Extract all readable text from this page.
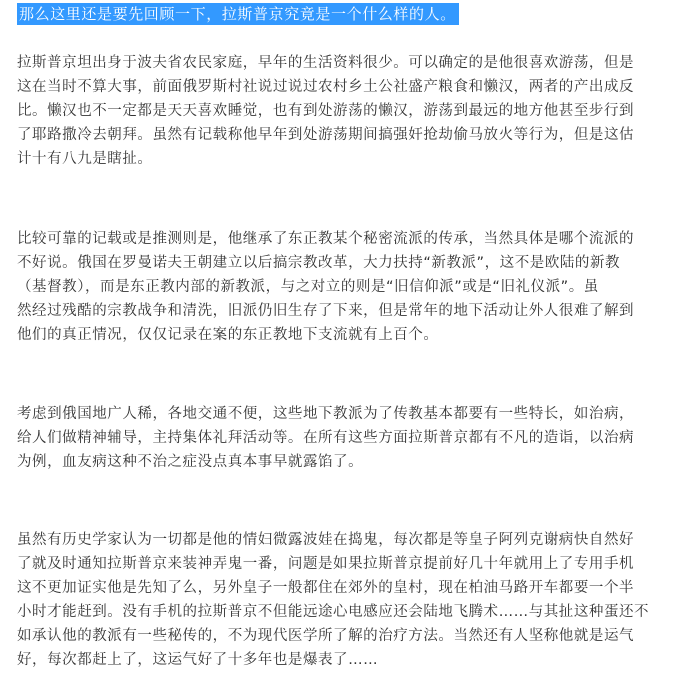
那么这里还是要先回顾一下，拉斯普京究竟是一个什么样的人。
拉斯普京坦出身于波夫省农民家庭，早年的生活资料很少。可以确定的是他很喜欢游荡，但是
这在当时不算大事，前面俄罗斯村社说过说过农村乡土公社盛产粮食和懒汉，两者的产出成反
比。懒汉也不一定都是天天喜欢睡觉，也有到处游荡的懒汉，游荡到最远的地方他甚至步行到
了耶路撒冷去朝拜。虽然有记载称他早年到处游荡期间搞强奸抢劫偷马放火等行为，但是这估
计十有八九是瞎扯。
比较可靠的记载或是推测则是，他继承了东正教某个秘密流派的传承，当然具体是哪个流派的
不好说。俄国在罗曼诺夫王朝建立以后搞宗教改革，大力扶持“新教派”，这不是欧陆的新教
（基督教），而是东正教内部的新教派，与之对立的则是“旧信仰派”或是“旧礼仪派”。虽
然经过残酷的宗教战争和清洗，旧派仍旧生存了下来，但是常年的地下活动让外人很难了解到
他们的真正情况，仅仅记录在案的东正教地下支流就有上百个。
考虑到俄国地广人稀，各地交通不便，这些地下教派为了传教基本都要有一些特长，如治病，
给人们做精神辅导，主持集体礼拜活动等。在所有这些方面拉斯普京都有不凡的造诣，以治病
为例，血友病这种不治之症没点真本事早就露馅了。
虽然有历史学家认为一切都是他的情妇微露波娃在捣鬼，每次都是等皇子阿列克谢病快自然好
了就及时通知拉斯普京来装神弄鬼一番，问题是如果拉斯普京提前好几十年就用上了专用手机
这不更加证实他是先知了么，另外皇子一般都住在郊外的皇村，现在柏油马路开车都要一个半
小时才能赶到。没有手机的拉斯普京不但能远途心电感应还会陆地飞腾术……与其扯这种蛋还不
如承认他的教派有一些秘传的，不为现代医学所了解的治疗方法。当然还有人坚称他就是运气
好，每次都赶上了，这运气好了十多年也是爆表了……
